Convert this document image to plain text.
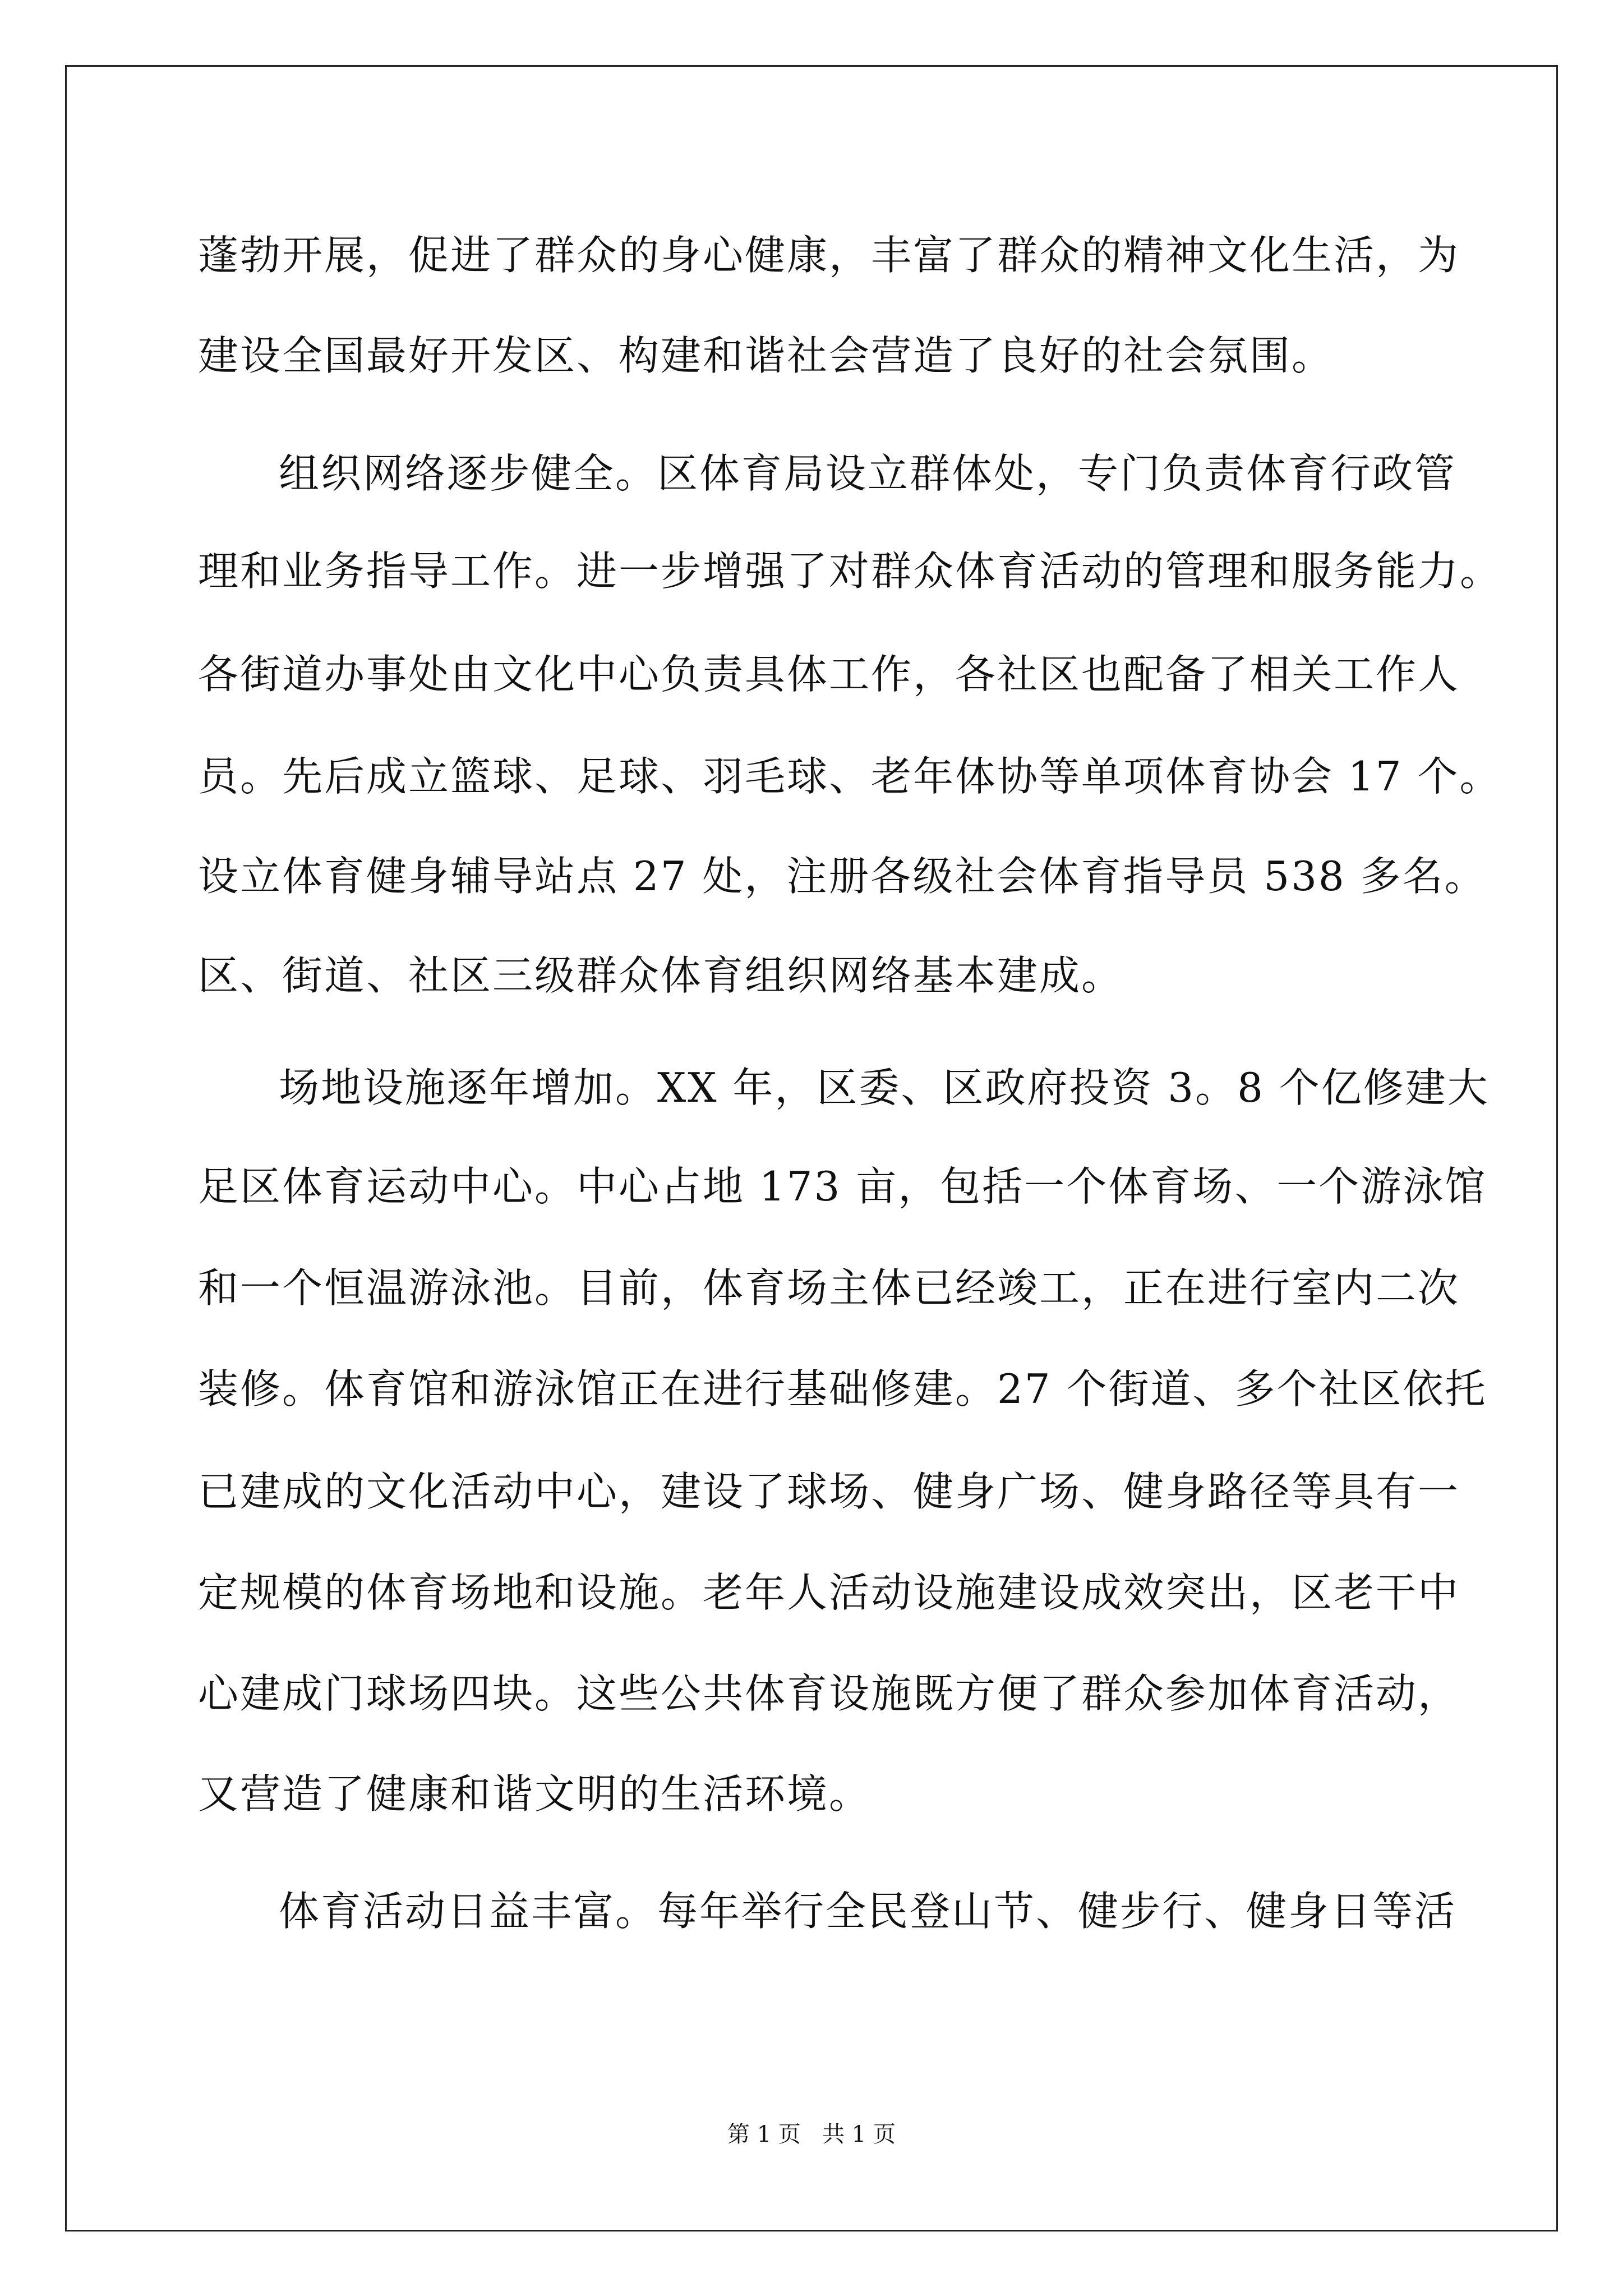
蓬勃开展，促进了群众的身心健康，丰富了群众的精神文化生活，为
建设全国最好开发区、构建和谐社会营造了良好的社会氛围。
组织网络逐步健全。区体育局设立群体处，专门负责体育行政管
理和业务指导工作。进一步增强了对群众体育活动的管理和服务能力。
各街道办事处由文化中心负责具体工作，各社区也配备了相关工作人
员。先后成立篮球、足球、羽毛球、老年体协等单项体育协会 17 个。
设立体育健身辅导站点 27 处，注册各级社会体育指导员 538 多名。
区、街道、社区三级群众体育组织网络基本建成。
场地设施逐年增加。XX 年，区委、区政府投资 3。8 个亿修建大
足区体育运动中心。中心占地 173 亩，包括一个体育场、一个游泳馆
和一个恒温游泳池。目前，体育场主体已经竣工，正在进行室内二次
装修。体育馆和游泳馆正在进行基础修建。27 个街道、多个社区依托
已建成的文化活动中心，建设了球场、健身广场、健身路径等具有一
定规模的体育场地和设施。老年人活动设施建设成效突出，区老干中
心建成门球场四块。这些公共体育设施既方便了群众参加体育活动，
又营造了健康和谐文明的生活环境。
体育活动日益丰富。每年举行全民登山节、健步行、健身日等活
第 1 页   共 1 页
